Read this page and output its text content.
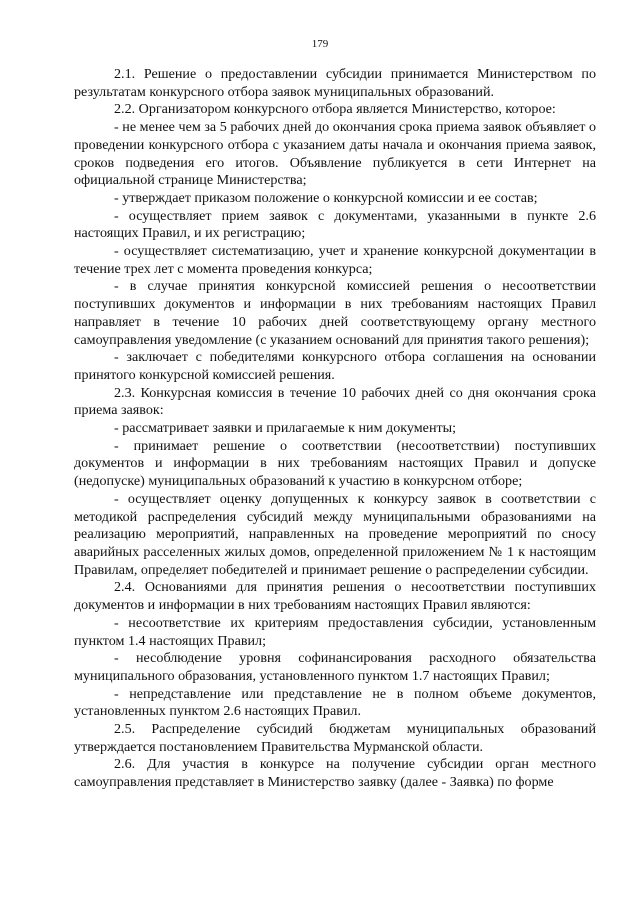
179

2.1. Решение о предоставлении субсидии принимается Министерством по результатам конкурсного отбора заявок муниципальных образований.

2.2. Организатором конкурсного отбора является Министерство, которое:

- не менее чем за 5 рабочих дней до окончания срока приема заявок объявляет о проведении конкурсного отбора с указанием даты начала и окончания приема заявок, сроков подведения его итогов. Объявление публикуется в сети Интернет на официальной странице Министерства;

- утверждает приказом положение о конкурсной комиссии и ее состав;

- осуществляет прием заявок с документами, указанными в пункте 2.6 настоящих Правил, и их регистрацию;

- осуществляет систематизацию, учет и хранение конкурсной документации в течение трех лет с момента проведения конкурса;

- в случае принятия конкурсной комиссией решения о несоответствии поступивших документов и информации в них требованиям настоящих Правил направляет в течение 10 рабочих дней соответствующему органу местного самоуправления уведомление (с указанием оснований для принятия такого решения);

- заключает с победителями конкурсного отбора соглашения на основании принятого конкурсной комиссией решения.

2.3. Конкурсная комиссия в течение 10 рабочих дней со дня окончания срока приема заявок:

- рассматривает заявки и прилагаемые к ним документы;

- принимает решение о соответствии (несоответствии) поступивших документов и информации в них требованиям настоящих Правил и допуске (недопуске) муниципальных образований к участию в конкурсном отборе;

- осуществляет оценку допущенных к конкурсу заявок в соответствии с методикой распределения субсидий между муниципальными образованиями на реализацию мероприятий, направленных на проведение мероприятий по сносу аварийных расселенных жилых домов, определенной приложением № 1 к настоящим Правилам, определяет победителей и принимает решение о распределении субсидии.

2.4. Основаниями для принятия решения о несоответствии поступивших документов и информации в них требованиям настоящих Правил являются:

- несоответствие их критериям предоставления субсидии, установленным пунктом 1.4 настоящих Правил;

- несоблюдение уровня софинансирования расходного обязательства муниципального образования, установленного пунктом 1.7 настоящих Правил;

- непредставление или представление не в полном объеме документов, установленных пунктом 2.6 настоящих Правил.

2.5. Распределение субсидий бюджетам муниципальных образований утверждается постановлением Правительства Мурманской области.

2.6. Для участия в конкурсе на получение субсидии орган местного самоуправления представляет в Министерство заявку (далее - Заявка) по форме
